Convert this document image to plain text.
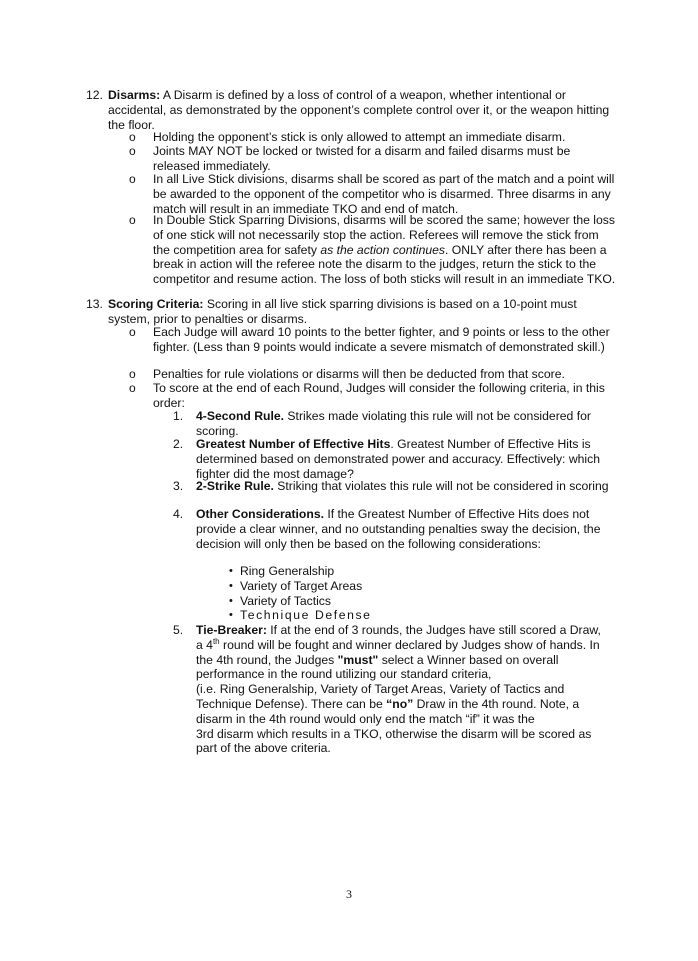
12. Disarms: A Disarm is defined by a loss of control of a weapon, whether intentional or accidental, as demonstrated by the opponent’s complete control over it, or the weapon hitting the floor.
o Holding the opponent’s stick is only allowed to attempt an immediate disarm.
o Joints MAY NOT be locked or twisted for a disarm and failed disarms must be released immediately.
o In all Live Stick divisions, disarms shall be scored as part of the match and a point will be awarded to the opponent of the competitor who is disarmed. Three disarms in any match will result in an immediate TKO and end of match.
o In Double Stick Sparring Divisions, disarms will be scored the same; however the loss of one stick will not necessarily stop the action. Referees will remove the stick from the competition area for safety as the action continues. ONLY after there has been a break in action will the referee note the disarm to the judges, return the stick to the competitor and resume action. The loss of both sticks will result in an immediate TKO.
13. Scoring Criteria: Scoring in all live stick sparring divisions is based on a 10-point must system, prior to penalties or disarms.
o Each Judge will award 10 points to the better fighter, and 9 points or less to the other fighter. (Less than 9 points would indicate a severe mismatch of demonstrated skill.)
o Penalties for rule violations or disarms will then be deducted from that score.
o To score at the end of each Round, Judges will consider the following criteria, in this order:
1. 4-Second Rule. Strikes made violating this rule will not be considered for scoring.
2. Greatest Number of Effective Hits. Greatest Number of Effective Hits is determined based on demonstrated power and accuracy. Effectively: which fighter did the most damage?
3. 2-Strike Rule. Striking that violates this rule will not be considered in scoring
4. Other Considerations. If the Greatest Number of Effective Hits does not provide a clear winner, and no outstanding penalties sway the decision, the decision will only then be based on the following considerations:
• Ring Generalship
• Variety of Target Areas
• Variety of Tactics
• Technique Defense
5. Tie-Breaker: If at the end of 3 rounds, the Judges have still scored a Draw, a 4th round will be fought and winner declared by Judges show of hands. In the 4th round, the Judges "must" select a Winner based on overall performance in the round utilizing our standard criteria,
(i.e. Ring Generalship, Variety of Target Areas, Variety of Tactics and Technique Defense). There can be “no” Draw in the 4th round. Note, a disarm in the 4th round would only end the match “if” it was the
3rd disarm which results in a TKO, otherwise the disarm will be scored as part of the above criteria.
3
